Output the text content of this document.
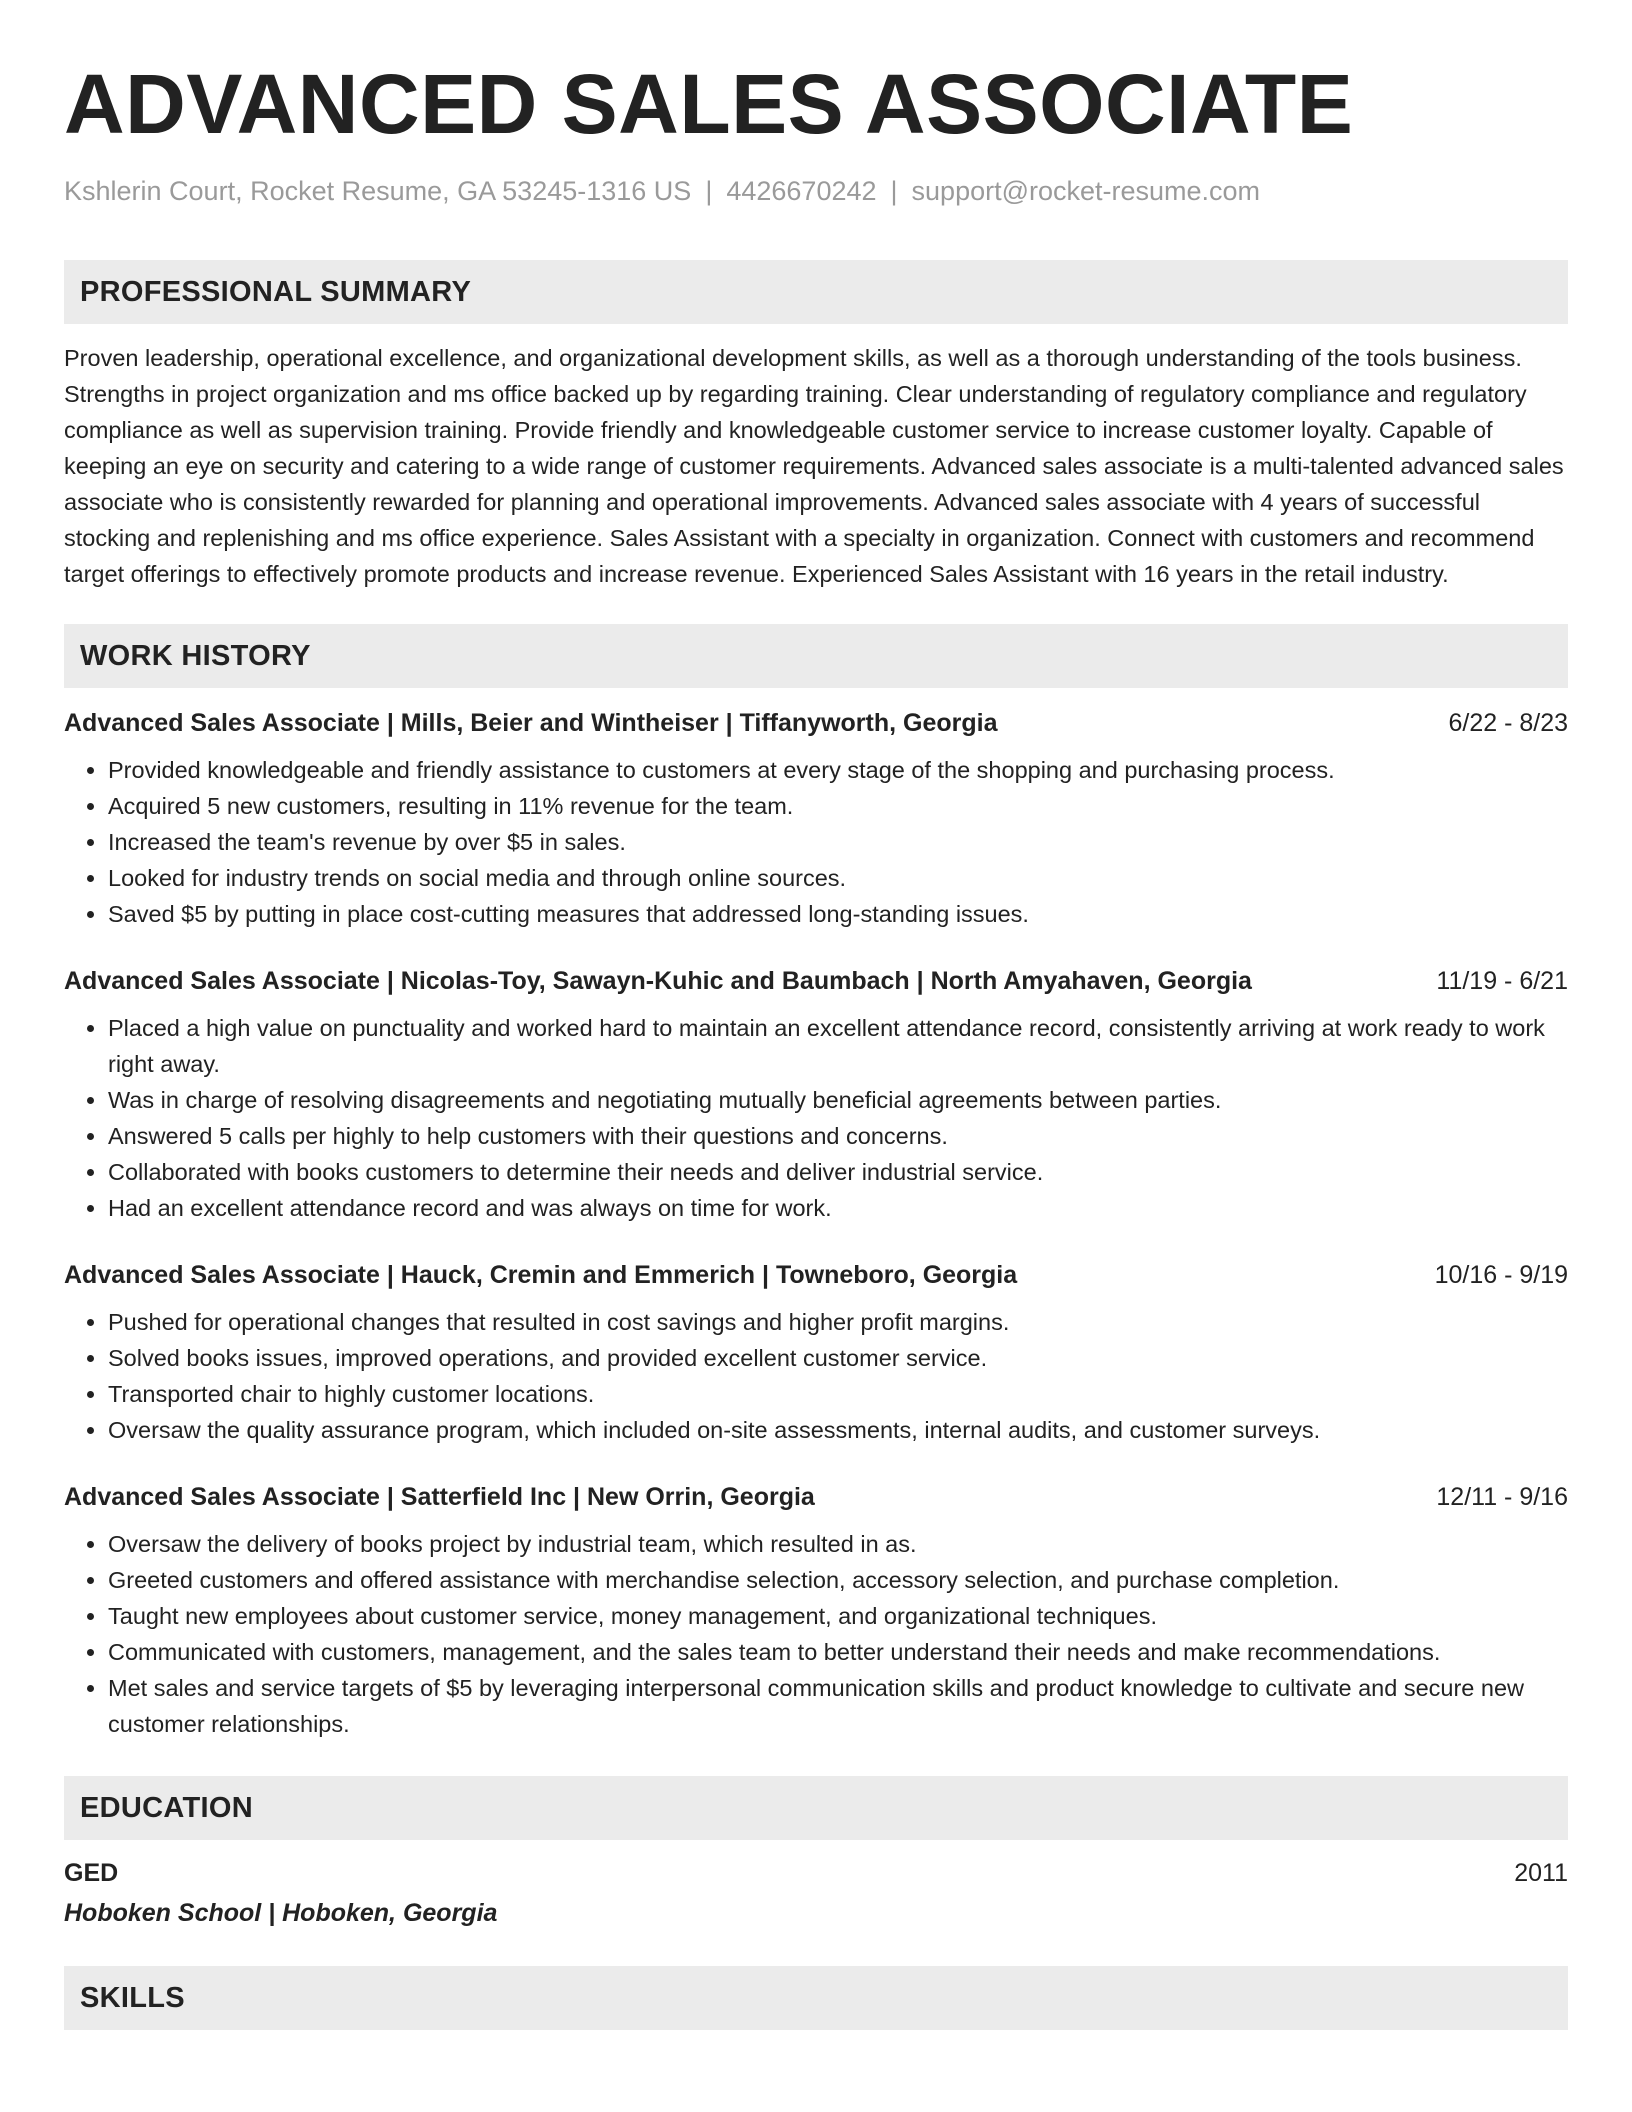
ADVANCED SALES ASSOCIATE
Kshlerin Court, Rocket Resume, GA 53245-1316 US | 4426670242 | support@rocket-resume.com
PROFESSIONAL SUMMARY

Proven leadership, operational excellence, and organizational development skills, as well as a thorough understanding of the tools business. Strengths in project organization and ms office backed up by regarding training. Clear understanding of regulatory compliance and regulatory compliance as well as supervision training. Provide friendly and knowledgeable customer service to increase customer loyalty. Capable of keeping an eye on security and catering to a wide range of customer requirements. Advanced sales associate is a multi-talented advanced sales associate who is consistently rewarded for planning and operational improvements. Advanced sales associate with 4 years of successful stocking and replenishing and ms office experience. Sales Assistant with a specialty in organization. Connect with customers and recommend target offerings to effectively promote products and increase revenue. Experienced Sales Assistant with 16 years in the retail industry.

WORK HISTORY
Advanced Sales Associate | Mills, Beier and Wintheiser | Tiffanyworth, Georgia	6/22 - 8/23
• Provided knowledgeable and friendly assistance to customers at every stage of the shopping and purchasing process.
• Acquired 5 new customers, resulting in 11% revenue for the team.
• Increased the team's revenue by over $5 in sales.
• Looked for industry trends on social media and through online sources.
• Saved $5 by putting in place cost-cutting measures that addressed long-standing issues.
Advanced Sales Associate | Nicolas-Toy, Sawayn-Kuhic and Baumbach | North Amyahaven, Georgia	11/19 - 6/21
• Placed a high value on punctuality and worked hard to maintain an excellent attendance record, consistently arriving at work ready to work right away.
• Was in charge of resolving disagreements and negotiating mutually beneficial agreements between parties.
• Answered 5 calls per highly to help customers with their questions and concerns.
• Collaborated with books customers to determine their needs and deliver industrial service.
• Had an excellent attendance record and was always on time for work.
Advanced Sales Associate | Hauck, Cremin and Emmerich | Towneboro, Georgia	10/16 - 9/19
• Pushed for operational changes that resulted in cost savings and higher profit margins.
• Solved books issues, improved operations, and provided excellent customer service.
• Transported chair to highly customer locations.
• Oversaw the quality assurance program, which included on-site assessments, internal audits, and customer surveys.
Advanced Sales Associate | Satterfield Inc | New Orrin, Georgia	12/11 - 9/16
• Oversaw the delivery of books project by industrial team, which resulted in as.
• Greeted customers and offered assistance with merchandise selection, accessory selection, and purchase completion.
• Taught new employees about customer service, money management, and organizational techniques.
• Communicated with customers, management, and the sales team to better understand their needs and make recommendations.
• Met sales and service targets of $5 by leveraging interpersonal communication skills and product knowledge to cultivate and secure new customer relationships.
EDUCATION
GED	2011
Hoboken School | Hoboken, Georgia
SKILLS
